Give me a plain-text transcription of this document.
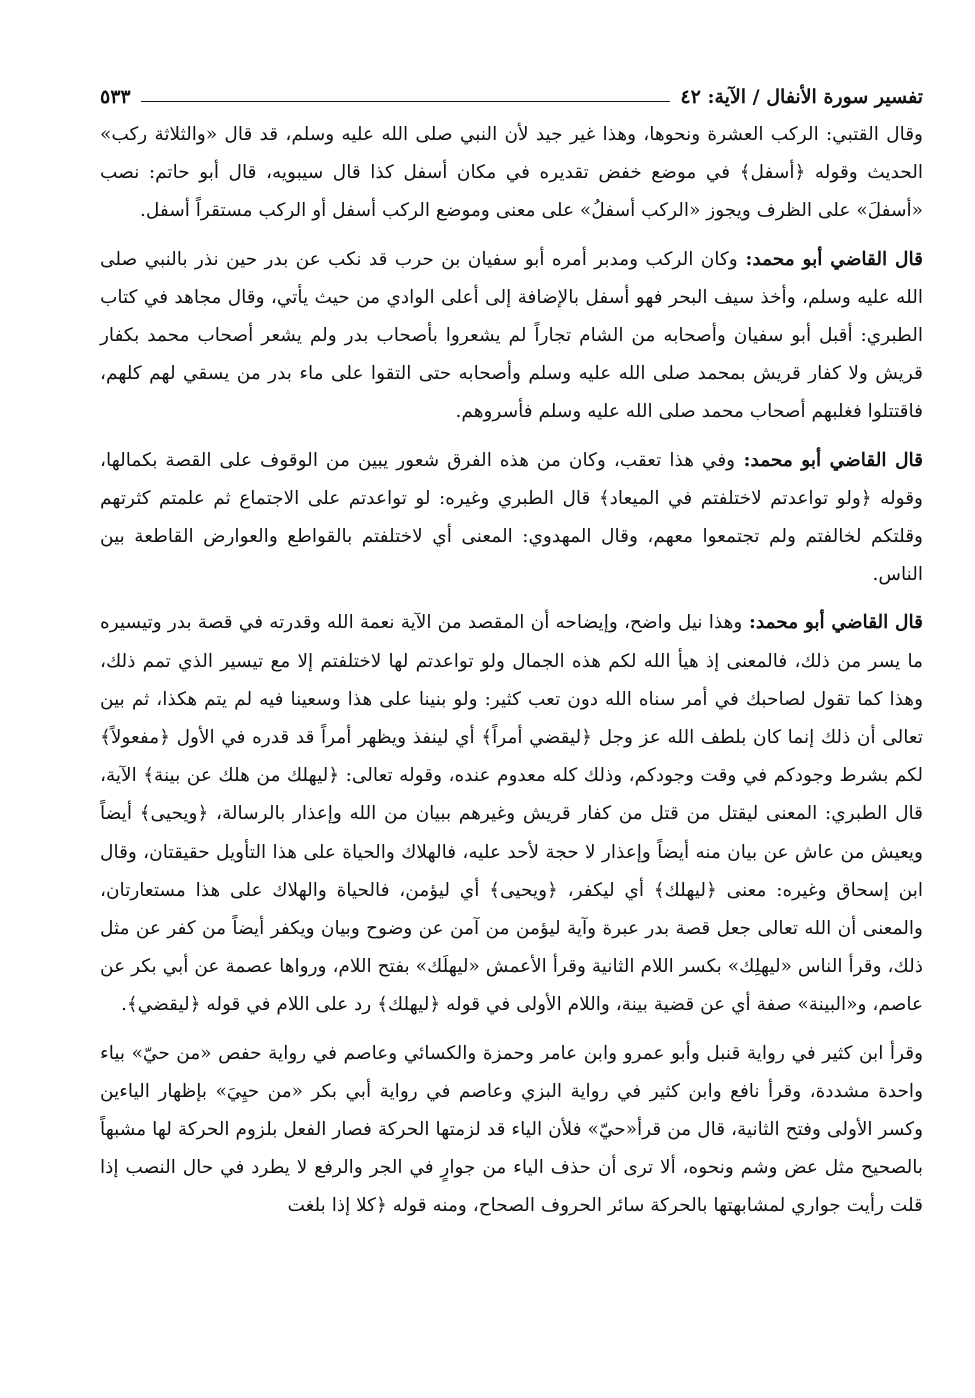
تفسير سورة الأنفال / الآية: ٤٢
٥٣٣

وقال القتبي: الركب العشرة ونحوها، وهذا غير جيد لأن النبي صلى الله عليه وسلم، قد قال «والثلاثة ركب» الحديث وقوله ﴿أسفل﴾ في موضع خفض تقديره في مكان أسفل كذا قال سيبويه، قال أبو حاتم: نصب «أسفلَ» على الظرف ويجوز «الركب أسفلُ» على معنى وموضع الركب أسفل أو الركب مستقراً أسفل.

قال القاضي أبو محمد: وكان الركب ومدبر أمره أبو سفيان بن حرب قد نكب عن بدر حين نذر بالنبي صلى الله عليه وسلم، وأخذ سيف البحر فهو أسفل بالإضافة إلى أعلى الوادي من حيث يأتي، وقال مجاهد في كتاب الطبري: أقبل أبو سفيان وأصحابه من الشام تجاراً لم يشعروا بأصحاب بدر ولم يشعر أصحاب محمد بكفار قريش ولا كفار قريش بمحمد صلى الله عليه وسلم وأصحابه حتى التقوا على ماء بدر من يسقي لهم كلهم، فاقتتلوا فغلبهم أصحاب محمد صلى الله عليه وسلم فأسروهم.

قال القاضي أبو محمد: وفي هذا تعقب، وكان من هذه الفرق شعور يبين من الوقوف على القصة بكمالها، وقوله ﴿ولو تواعدتم لاختلفتم في الميعاد﴾ قال الطبري وغيره: لو تواعدتم على الاجتماع ثم علمتم كثرتهم وقلتكم لخالفتم ولم تجتمعوا معهم، وقال المهدوي: المعنى أي لاختلفتم بالقواطع والعوارض القاطعة بين الناس.

قال القاضي أبو محمد: وهذا نيل واضح، وإيضاحه أن المقصد من الآية نعمة الله وقدرته في قصة بدر وتيسيره ما يسر من ذلك، فالمعنى إذ هيأ الله لكم هذه الجمال ولو تواعدتم لها لاختلفتم إلا مع تيسير الذي تمم ذلك، وهذا كما تقول لصاحبك في أمر سناه الله دون تعب كثير: ولو بنينا على هذا وسعينا فيه لم يتم هكذا، ثم بين تعالى أن ذلك إنما كان بلطف الله عز وجل ﴿ليقضي أمراً﴾ أي لينفذ ويظهر أمراً قد قدره في الأول ﴿مفعولاً﴾ لكم بشرط وجودكم في وقت وجودكم، وذلك كله معدوم عنده، وقوله تعالى: ﴿ليهلك من هلك عن بينة﴾ الآية، قال الطبري: المعنى ليقتل من قتل من كفار قريش وغيرهم ببيان من الله وإعذار بالرسالة، ﴿ويحيى﴾ أيضاً ويعيش من عاش عن بيان منه أيضاً وإعذار لا حجة لأحد عليه، فالهلاك والحياة على هذا التأويل حقيقتان، وقال ابن إسحاق وغيره: معنى ﴿ليهلك﴾ أي ليكفر، ﴿ويحيى﴾ أي ليؤمن، فالحياة والهلاك على هذا مستعارتان، والمعنى أن الله تعالى جعل قصة بدر عبرة وآية ليؤمن من آمن عن وضوح وبيان ويكفر أيضاً من كفر عن مثل ذلك، وقرأ الناس «ليهلِك» بكسر اللام الثانية وقرأ الأعمش «ليهلَك» بفتح اللام، ورواها عصمة عن أبي بكر عن عاصم، و«البينة» صفة أي عن قضية بينة، واللام الأولى في قوله ﴿ليهلك﴾ رد على اللام في قوله ﴿ليقضي﴾.

وقرأ ابن كثير في رواية قنبل وأبو عمرو وابن عامر وحمزة والكسائي وعاصم في رواية حفص «من حيّ» بياء واحدة مشددة، وقرأ نافع وابن كثير في رواية البزي وعاصم في رواية أبي بكر «من حيِيَ» بإظهار الياءين وكسر الأولى وفتح الثانية، قال من قرأ«حيّ» فلأن الياء قد لزمتها الحركة فصار الفعل بلزوم الحركة لها مشبهاً بالصحيح مثل عض وشم ونحوه، ألا ترى أن حذف الياء من جوارٍ في الجر والرفع لا يطرد في حال النصب إذا قلت رأيت جواري لمشابهتها بالحركة سائر الحروف الصحاح، ومنه قوله ﴿كلا إذا بلغت
